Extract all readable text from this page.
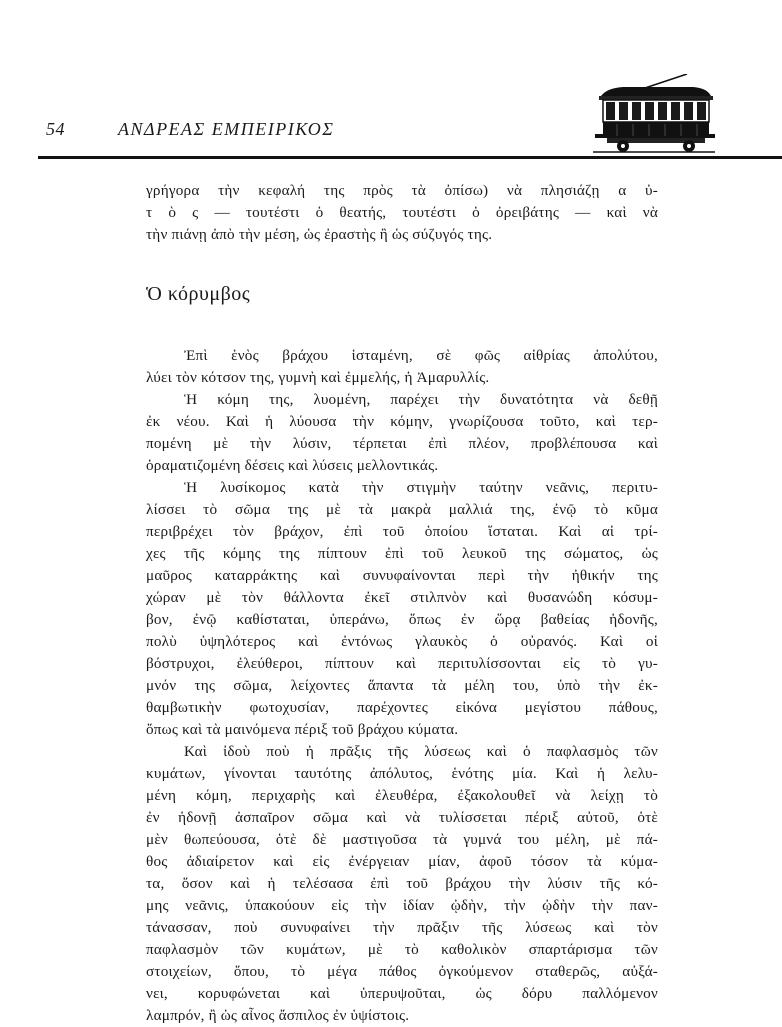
54	ΑΝΔΡΕΑΣ ΕΜΠΕΙΡΙΚΟΣ
γρήγορα τὴν κεφαλή της πρὸς τὰ ὀπίσω) νὰ πλησιάζῃ α ὐ-
τ ὸ ς — τουτέστι ὁ θεατής, τουτέστι ὁ ὀρειβάτης — καὶ νὰ
τὴν πιάνῃ ἀπὸ τὴν μέση, ὡς ἐραστὴς ἢ ὡς σύζυγός της.
Ὁ κόρυμβος
Ἐπὶ ἑνὸς βράχου ἱσταμένη, σὲ φῶς αἰθρίας ἀπολύτου,
λύει τὸν κότσον της, γυμνὴ καὶ ἐμμελής, ἡ Ἀμαρυλλίς.
Ἡ κόμη της, λυομένη, παρέχει τὴν δυνατότητα νὰ δεθῇ
ἐκ νέου. Καὶ ἡ λύουσα τὴν κόμην, γνωρίζουσα τοῦτο, καὶ τερ-
πομένη μὲ τὴν λύσιν, τέρπεται ἐπὶ πλέον, προβλέπουσα καὶ
ὁραματιζομένη δέσεις καὶ λύσεις μελλοντικάς.
Ἡ λυσίκομος κατὰ τὴν στιγμὴν ταύτην νεᾶνις, περιτυ-
λίσσει τὸ σῶμα της μὲ τὰ μακρὰ μαλλιά της, ἐνῷ τὸ κῦμα
περιβρέχει τὸν βράχον, ἐπὶ τοῦ ὁποίου ἵσταται. Καὶ αἱ τρί-
χες τῆς κόμης της πίπτουν ἐπὶ τοῦ λευκοῦ της σώματος, ὡς
μαῦρος καταρράκτης καὶ συνυφαίνονται περὶ τὴν ἠθικήν της
χώραν μὲ τὸν θάλλοντα ἐκεῖ στιλπνὸν καὶ θυσανώδη κόσυμ-
βον, ἐνῷ καθίσταται, ὑπεράνω, ὅπως ἐν ὥρᾳ βαθείας ἡδονῆς,
πολὺ ὑψηλότερος καὶ ἐντόνως γλαυκὸς ὁ οὐρανός. Καὶ οἱ
βόστρυχοι, ἐλεύθεροι, πίπτουν καὶ περιτυλίσσονται εἰς τὸ γυ-
μνόν της σῶμα, λείχοντες ἅπαντα τὰ μέλη του, ὑπὸ τὴν ἐκ-
θαμβωτικὴν φωτοχυσίαν, παρέχοντες εἰκόνα μεγίστου πάθους,
ὅπως καὶ τὰ μαινόμενα πέριξ τοῦ βράχου κύματα.
Καὶ ἰδοὺ ποὺ ἡ πρᾶξις τῆς λύσεως καὶ ὁ παφλασμὸς τῶν
κυμάτων, γίνονται ταυτότης ἀπόλυτος, ἑνότης μία. Καὶ ἡ λελυ-
μένη κόμη, περιχαρὴς καὶ ἐλευθέρα, ἐξακολουθεῖ νὰ λείχῃ τὸ
ἐν ἡδονῇ ἀσπαῖρον σῶμα καὶ νὰ τυλίσσεται πέριξ αὐτοῦ, ὁτὲ
μὲν θωπεύουσα, ὁτὲ δὲ μαστιγοῦσα τὰ γυμνά του μέλη, μὲ πά-
θος ἀδιαίρετον καὶ εἰς ἐνέργειαν μίαν, ἀφοῦ τόσον τὰ κύμα-
τα, ὅσον καὶ ἡ τελέσασα ἐπὶ τοῦ βράχου τὴν λύσιν τῆς κό-
μης νεᾶνις, ὑπακούουν εἰς τὴν ἰδίαν ᾠδὴν, τὴν ᾠδὴν τὴν παν-
τάνασσαν, ποὺ συνυφαίνει τὴν πρᾶξιν τῆς λύσεως καὶ τὸν
παφλασμὸν τῶν κυμάτων, μὲ τὸ καθολικὸν σπαρτάρισμα τῶν
στοιχείων, ὅπου, τὸ μέγα πάθος ὀγκούμενον σταθερῶς, αὐξά-
νει, κορυφώνεται καὶ ὑπερυψοῦται, ὡς δόρυ παλλόμενον
λαμπρόν, ἢ ὡς αἶνος ἄσπιλος ἐν ὑψίστοις.
